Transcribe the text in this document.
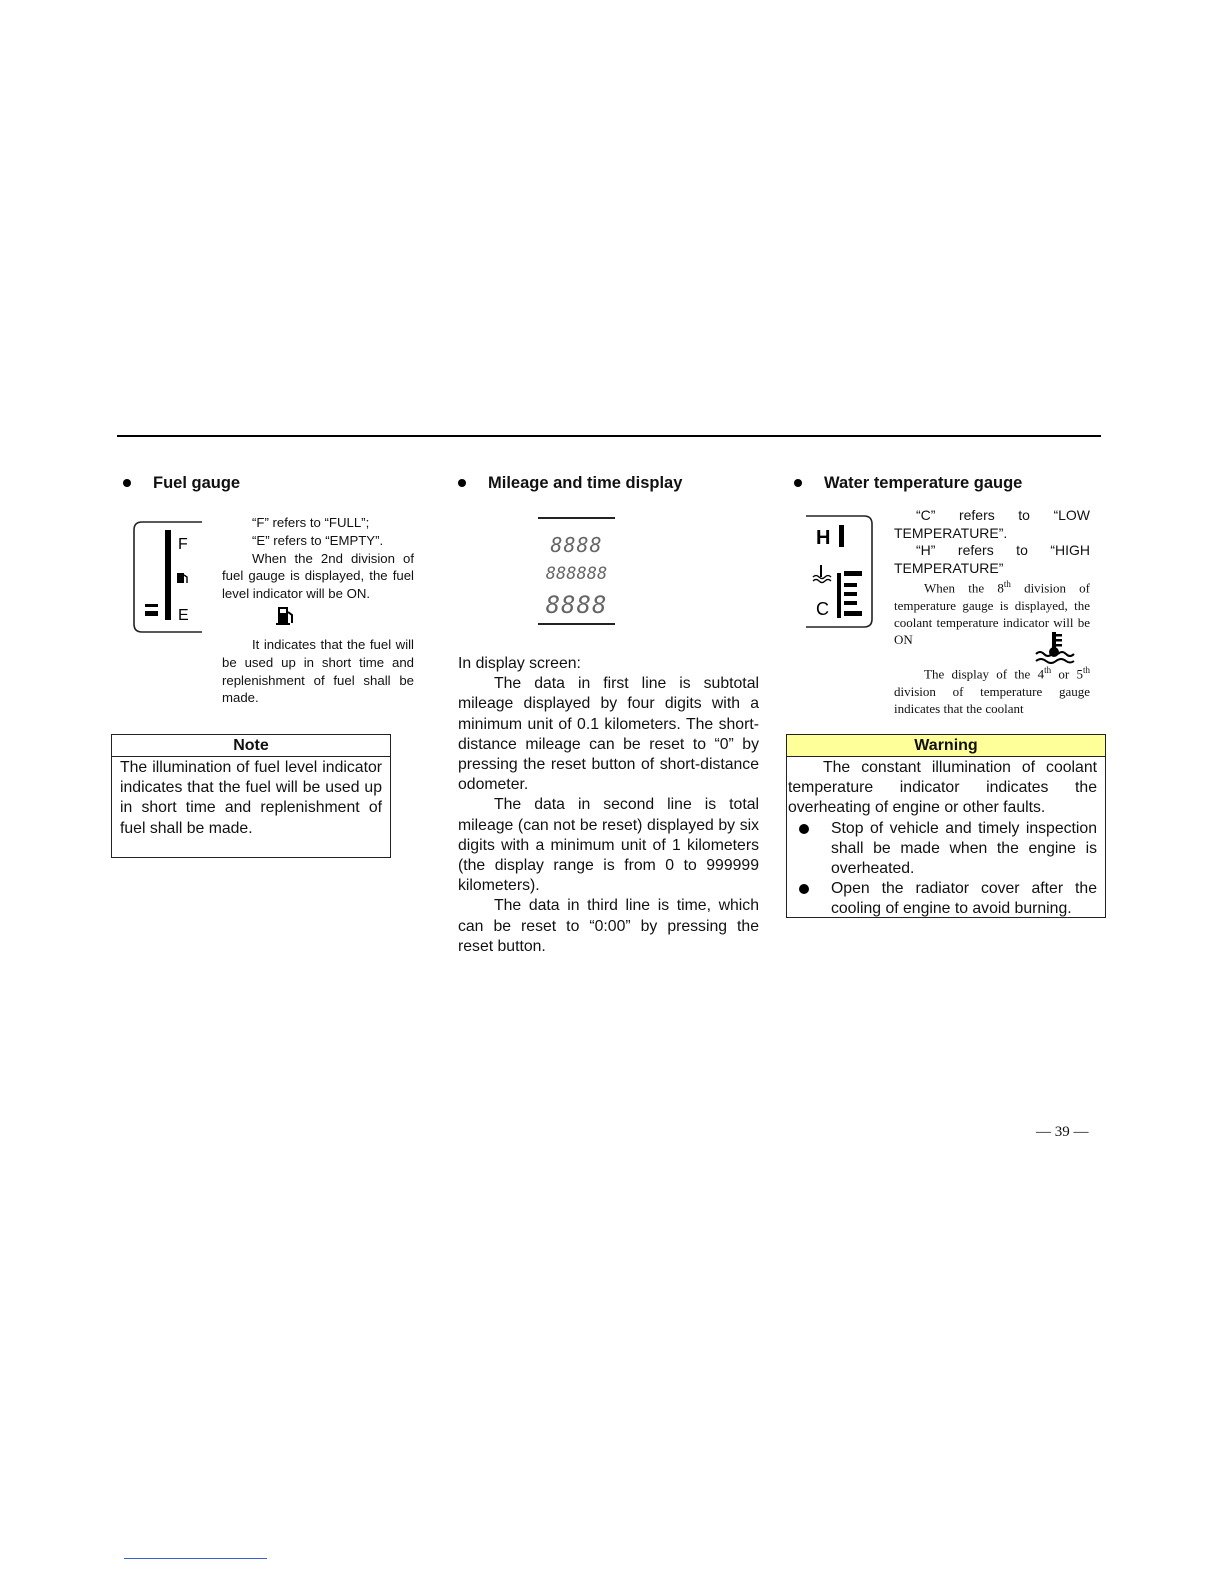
Fuel gauge
F
E

“F” refers to “FULL”;

“E” refers to “EMPTY”.

When the 2nd division of fuel gauge is displayed, the fuel level indicator will be ON.

It indicates that the fuel will be used up in short time and replenishment of fuel shall be made.

Note
The illumination of fuel level indicator indicates that the fuel will be used up in short time and replenishment of fuel shall be made.
Mileage and time display
8888
888888
8888

In display screen:

The data in first line is subtotal mileage displayed by four digits with a minimum unit of 0.1 kilometers. The short-distance mileage can be reset to “0” by pressing the reset button of short-distance odometer.

The data in second line is total mileage (can not be reset) displayed by six digits with a minimum unit of 1 kilometers (the display range is from 0 to 999999 kilometers).

The data in third line is time, which can be reset to “0:00” by pressing the reset button.

Water temperature gauge
H
C

“C” refers to “LOW TEMPERATURE”.

“H” refers to “HIGH TEMPERATURE”

When the 8th division of temperature gauge is displayed, the coolant temperature indicator will be ON

The display of the 4th or 5th division of temperature gauge indicates that the coolant

Warning

The constant illumination of coolant temperature indicator indicates the overheating of engine or other faults.

Stop of vehicle and timely inspection shall be made when the engine is overheated.
Open the radiator cover after the cooling of engine to avoid burning.
— 39 —
